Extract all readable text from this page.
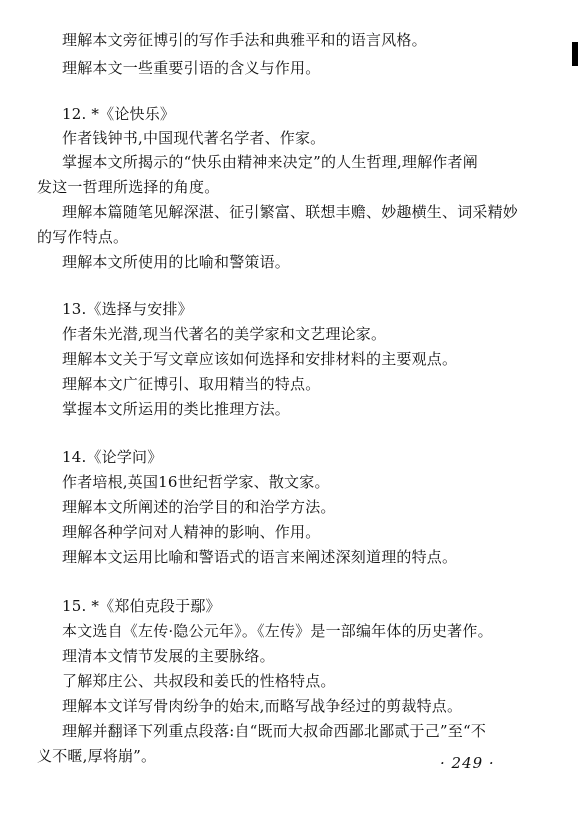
理解本文旁征博引的写作手法和典雅平和的语言风格。
理解本文一些重要引语的含义与作用。
12. *《论快乐》
作者钱钟书,中国现代著名学者、作家。
掌握本文所揭示的“快乐由精神来决定”的人生哲理,理解作者阐
发这一哲理所选择的角度。
理解本篇随笔见解深湛、征引繁富、联想丰赡、妙趣横生、词采精妙
的写作特点。
理解本文所使用的比喻和警策语。
13.《选择与安排》
作者朱光潜,现当代著名的美学家和文艺理论家。
理解本文关于写文章应该如何选择和安排材料的主要观点。
理解本文广征博引、取用精当的特点。
掌握本文所运用的类比推理方法。
14.《论学问》
作者培根,英国16世纪哲学家、散文家。
理解本文所阐述的治学目的和治学方法。
理解各种学问对人精神的影响、作用。
理解本文运用比喻和警语式的语言来阐述深刻道理的特点。
15. *《郑伯克段于鄢》
本文选自《左传·隐公元年》。《左传》是一部编年体的历史著作。
理清本文情节发展的主要脉络。
了解郑庄公、共叔段和姜氏的性格特点。
理解本文详写骨肉纷争的始末,而略写战争经过的剪裁特点。
理解并翻译下列重点段落:自“既而大叔命西鄙北鄙贰于己”至“不
义不暱,厚将崩”。	· 249 ·
